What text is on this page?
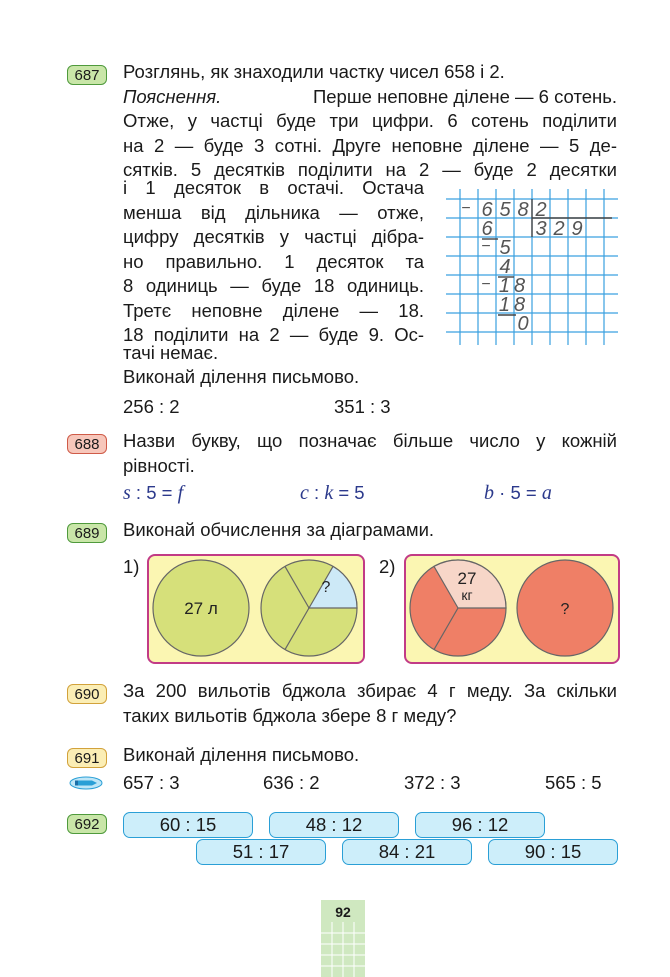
687	Розглянь, як знаходили частку чисел 658 і 2.
Пояснення.	Перше неповне ділене — 6 сотень.
Отже, у частці буде три цифри. 6 сотень поділити
на 2 — буде 3 сотні. Друге неповне ділене — 5 де-
сятків. 5 десятків поділити на 2 — буде 2 десятки
і 1 десяток в остачі. Остача
менша від дільника — отже,
цифру десятків у частці дібра-
но правильно. 1 десяток та
8 одиниць — буде 18 одиниць.
Третє неповне ділене — 18.
18 поділити на 2 — буде 9. Ос-
тачі немає.
Виконай ділення письмово.
256 : 2	351 : 3
6 5 8 2
3 2 9
6
5
4
18
18
0
−
−
−
688	Назви букву, що позначає більше число у кожній
рівності.
s : 5 = f	c : k = 5	b · 5 = a
689	Виконай обчислення за діаграмами.
1)
27 л
?
2)
27
кг
?
690	За 200 вильотів бджола збирає 4 г меду. За скільки
таких вильотів бджола збере 8 г меду?
691	Виконай ділення письмово.
657 : 3	636 : 2	372 : 3	565 : 5
692	60 : 15	48 : 12	96 : 12
51 : 17	84 : 21	90 : 15
92
